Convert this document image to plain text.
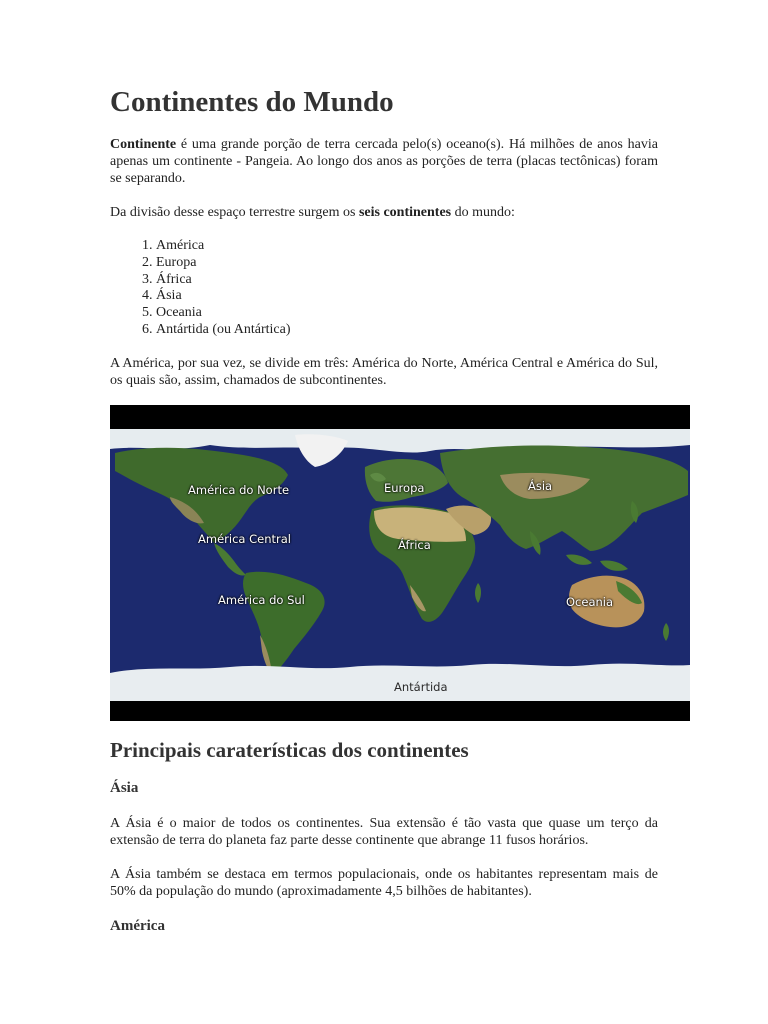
Continentes do Mundo

Continente é uma grande porção de terra cercada pelo(s) oceano(s). Há milhões de anos havia apenas um continente - Pangeia. Ao longo dos anos as porções de terra (placas tectônicas) foram se separando.

Da divisão desse espaço terrestre surgem os seis continentes do mundo:

América
Europa
África
Ásia
Oceania
Antártida (ou Antártica)

A América, por sua vez, se divide em três: América do Norte, América Central e América do Sul, os quais são, assim, chamados de subcontinentes.

Principais caraterísticas dos continentes
Ásia

A Ásia é o maior de todos os continentes. Sua extensão é tão vasta que quase um terço da extensão de terra do planeta faz parte desse continente que abrange 11 fusos horários.

A Ásia também se destaca em termos populacionais, onde os habitantes representam mais de 50% da população do mundo (aproximadamente 4,5 bilhões de habitantes).

América
América do Norte
América Central
América do Sul
Europa
África
Ásia
Oceania
Antártida
